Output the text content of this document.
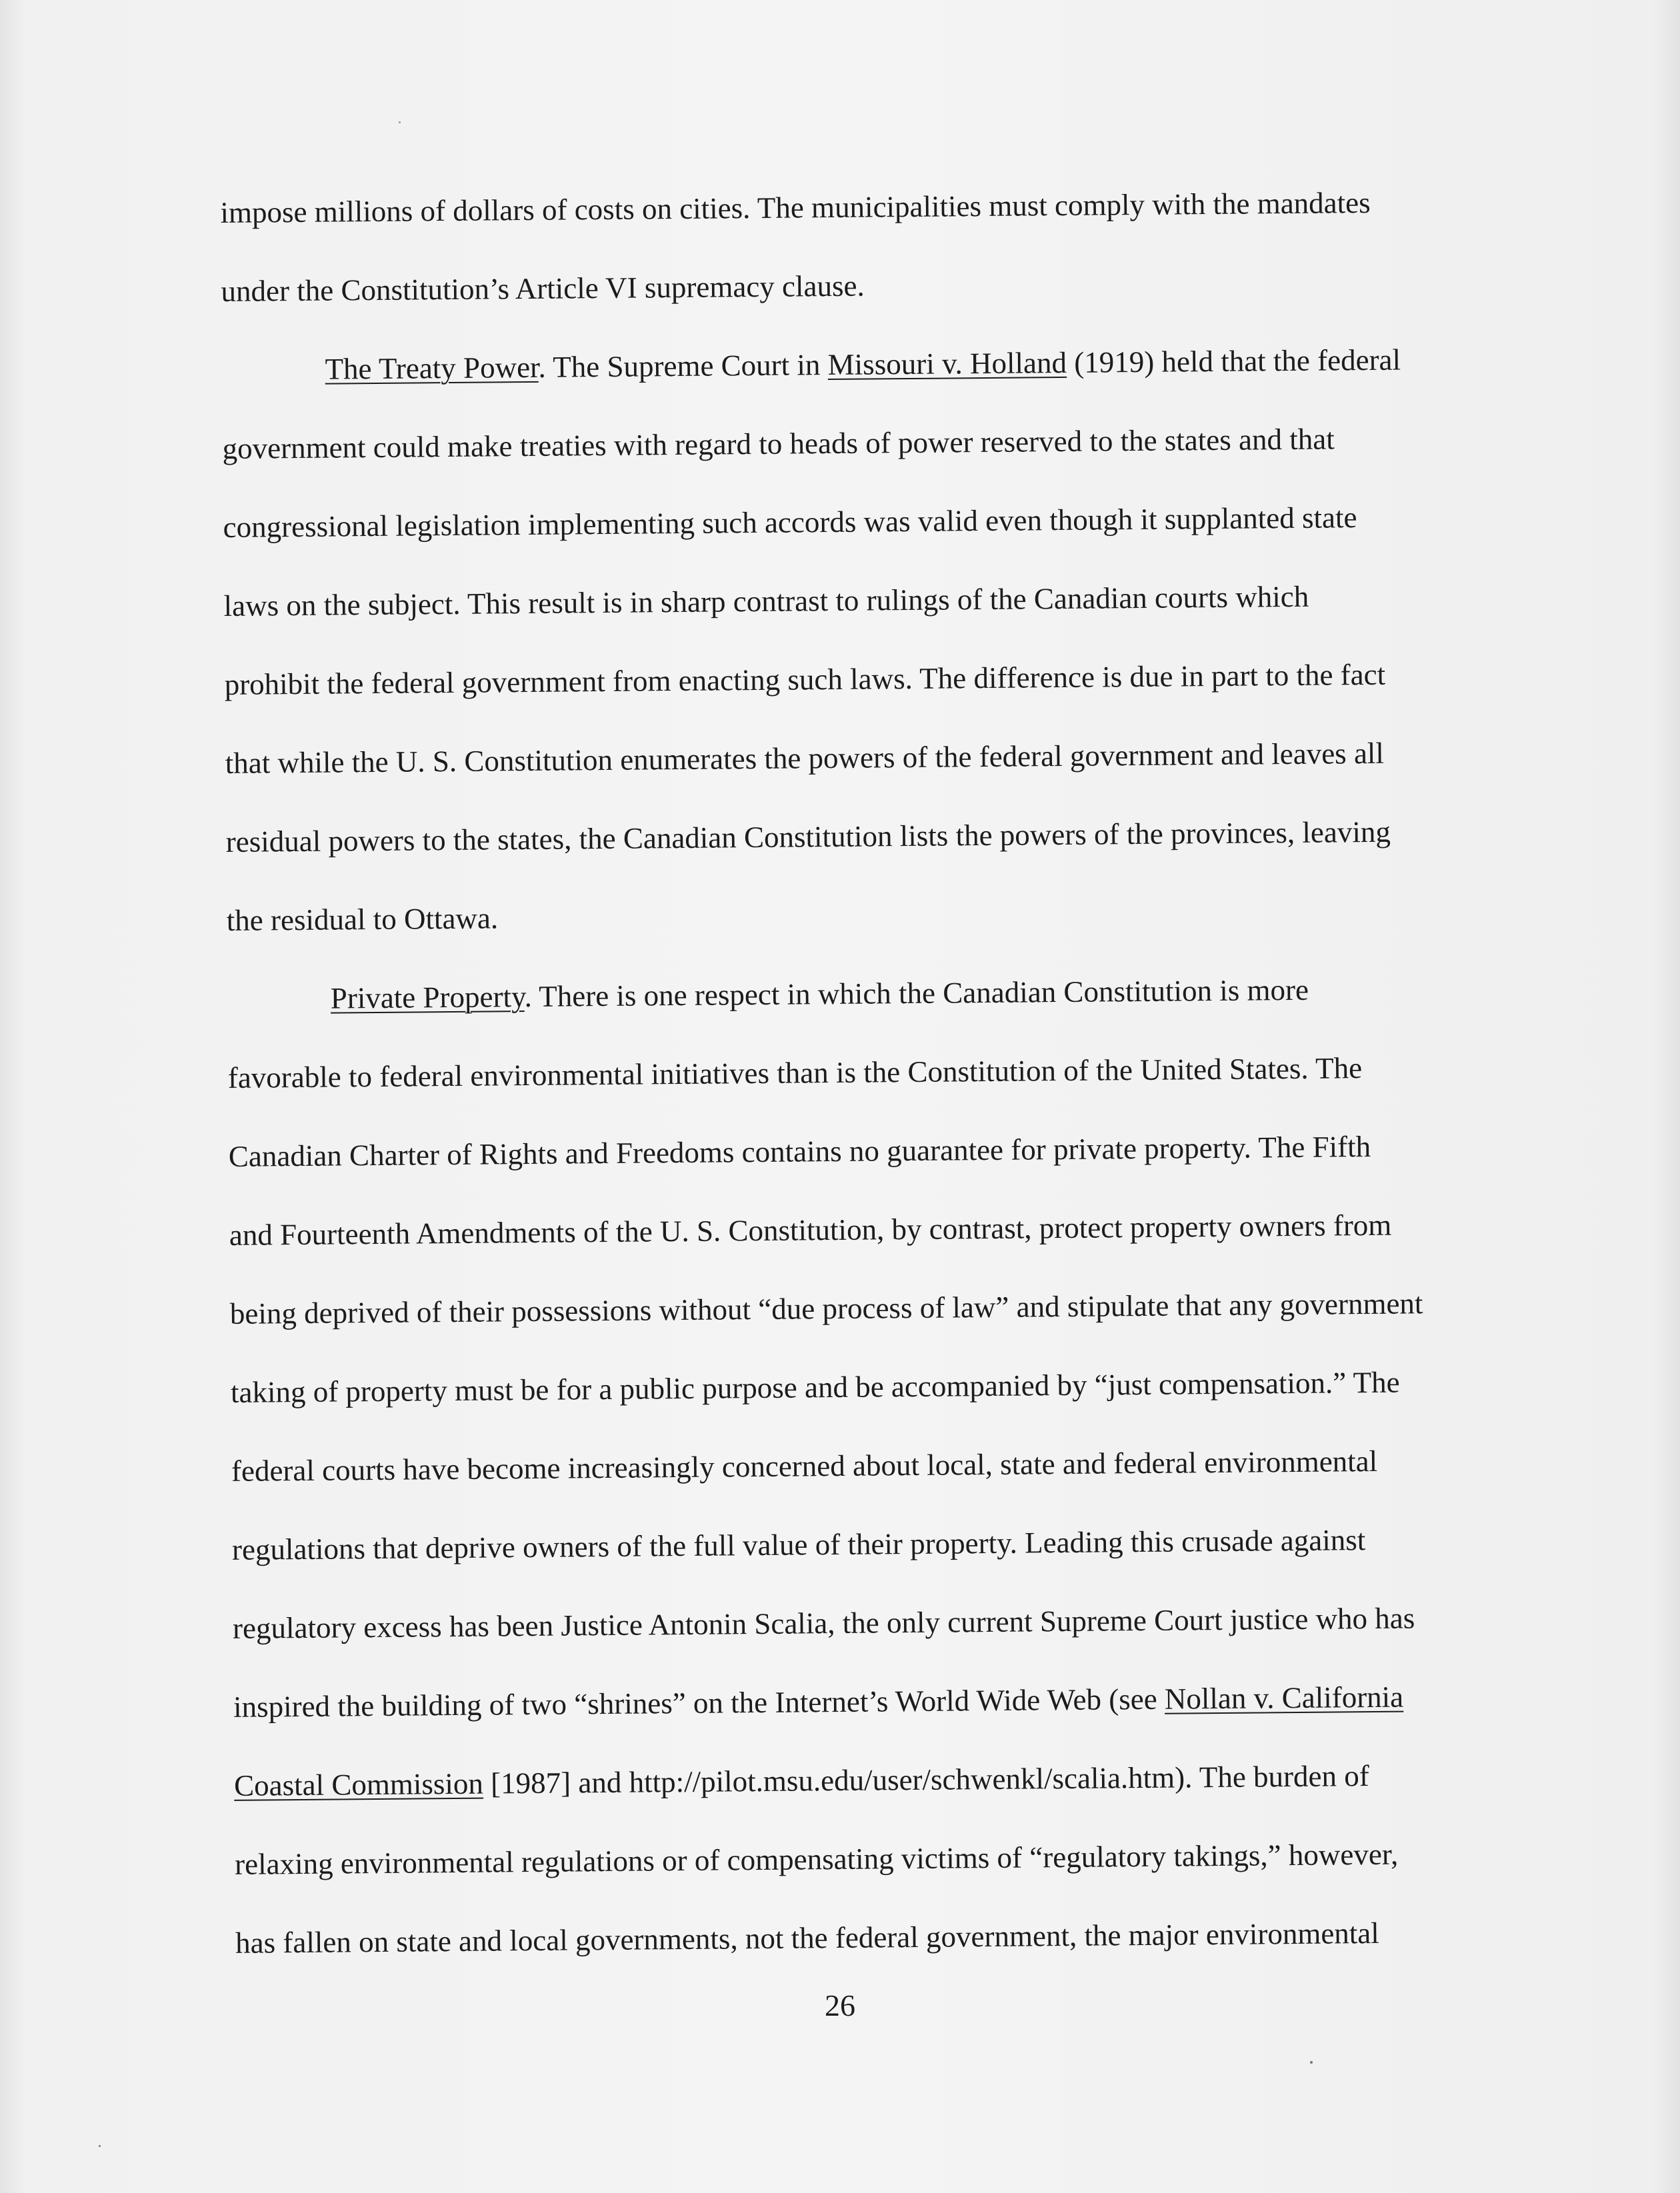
impose millions of dollars of costs on cities. The municipalities must comply with the mandates
under the Constitution’s Article VI supremacy clause.
The Treaty Power. The Supreme Court in Missouri v. Holland (1919) held that the federal
government could make treaties with regard to heads of power reserved to the states and that
congressional legislation implementing such accords was valid even though it supplanted state
laws on the subject. This result is in sharp contrast to rulings of the Canadian courts which
prohibit the federal government from enacting such laws. The difference is due in part to the fact
that while the U. S. Constitution enumerates the powers of the federal government and leaves all
residual powers to the states, the Canadian Constitution lists the powers of the provinces, leaving
the residual to Ottawa.
Private Property. There is one respect in which the Canadian Constitution is more
favorable to federal environmental initiatives than is the Constitution of the United States. The
Canadian Charter of Rights and Freedoms contains no guarantee for private property. The Fifth
and Fourteenth Amendments of the U. S. Constitution, by contrast, protect property owners from
being deprived of their possessions without “due process of law” and stipulate that any government
taking of property must be for a public purpose and be accompanied by “just compensation.” The
federal courts have become increasingly concerned about local, state and federal environmental
regulations that deprive owners of the full value of their property. Leading this crusade against
regulatory excess has been Justice Antonin Scalia, the only current Supreme Court justice who has
inspired the building of two “shrines” on the Internet’s World Wide Web (see Nollan v. California
Coastal Commission [1987] and http://pilot.msu.edu/user/schwenkl/scalia.htm). The burden of
relaxing environmental regulations or of compensating victims of “regulatory takings,” however,
has fallen on state and local governments, not the federal government, the major environmental
26
